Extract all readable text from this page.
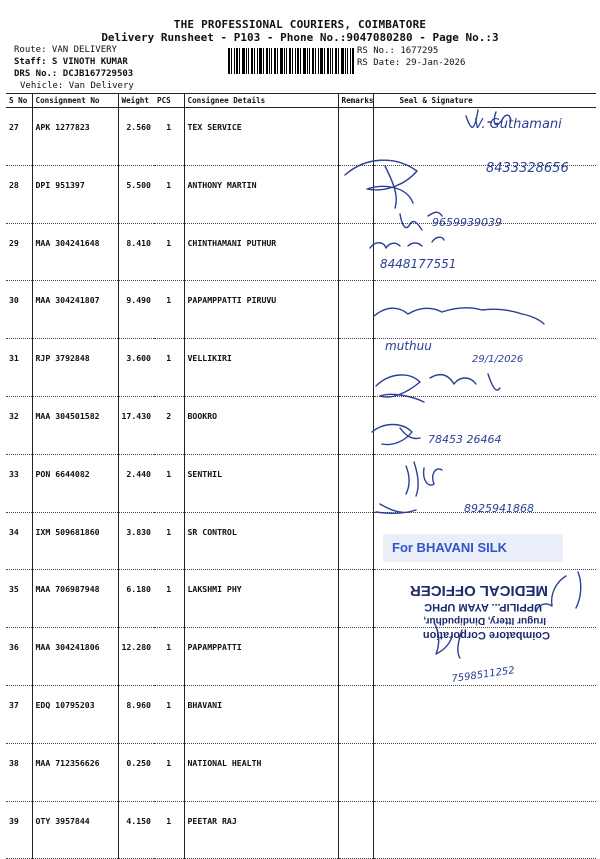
THE PROFESSIONAL COURIERS, COIMBATORE
Delivery Runsheet - P103 - Phone No.:9047080280 - Page No.:3
Route: VAN DELIVERY
Staff: S VINOTH KUMAR
DRS No.: DCJB167729503
Vehicle: Van Delivery
RS No.: 1677295
RS Date: 29-Jan-2026
S No	Consignment No	Weight	PCS	Consignee Details	Remarks	Seal & Signature
27	APK 1277823	2.560	1	TEX SERVICE		
28	DPI 951397	5.500	1	ANTHONY MARTIN		
29	MAA 304241648	8.410	1	CHINTHAMANI PUTHUR		
30	MAA 304241807	9.490	1	PAPAMPPATTI PIRUVU		
31	RJP 3792848	3.600	1	VELLIKIRI		
32	MAA 304501582	17.430	2	BOOKRO		
33	PON 6644082	2.440	1	SENTHIL		
34	IXM 509681860	3.830	1	SR CONTROL		
35	MAA 706987948	6.180	1	LAKSHMI PHY		
36	MAA 304241806	12.280	1	PAPAMPPATTI		
37	EDQ 10795203	8.960	1	BHAVANI		
38	MAA 712356626	0.250	1	NATIONAL HEALTH		
39	OTY 3957844	4.150	1	PEETAR RAJ		
V. Guthamani
8433328656
9659939039
8448177551
muthuu
29/1/2026
78453 26464
8925941868
7598511252
For BHAVANI SILK
Coimbatore Corporation
Irugur Ittery, Dindipudhur,
UPPILIP... AYAM UPHC
MEDICAL OFFICER
